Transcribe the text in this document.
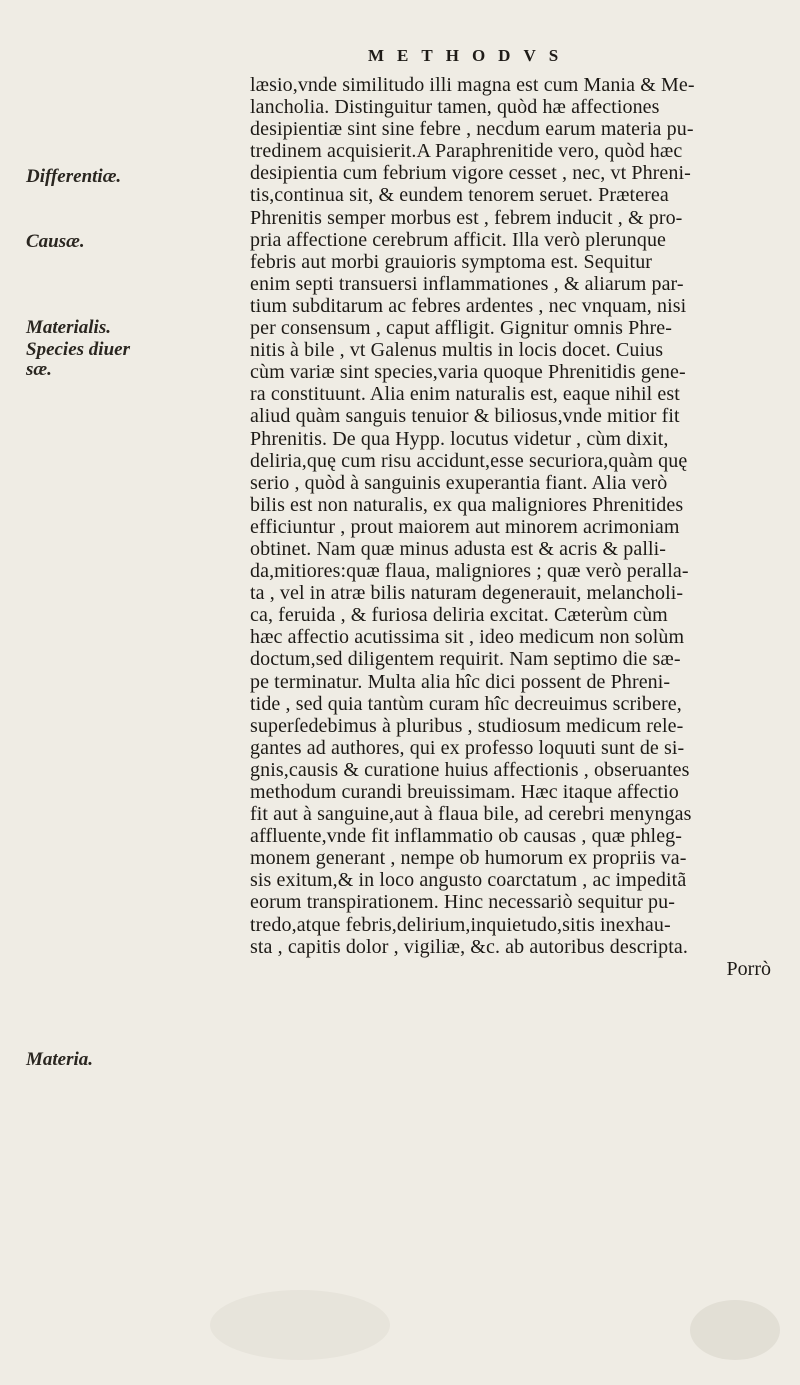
METHODVS
Differentiæ.
Causæ.
Materialis.
Species diuer
sæ.
Materia.
læsio,vnde similitudo illi magna est cum Mania & Me-
lancholia. Distinguitur tamen, quòd hæ affectiones
desipientiæ sint sine febre , necdum earum materia pu-
tredinem acquisierit.A Paraphrenitide vero, quòd hæc
desipientia cum febrium vigore cesset , nec, vt Phreni-
tis,continua sit, & eundem tenorem seruet. Præterea
Phrenitis semper morbus est , febrem inducit , & pro-
pria affectione cerebrum afficit. Illa verò plerunque
febris aut morbi grauioris symptoma est. Sequitur
enim septi transuersi inflammationes , & aliarum par-
tium subditarum ac febres ardentes , nec vnquam, nisi
per consensum , caput affligit. Gignitur omnis Phre-
nitis à bile , vt Galenus multis in locis docet. Cuius
cùm variæ sint species,varia quoque Phrenitidis gene-
ra constituunt. Alia enim naturalis est, eaque nihil est
aliud quàm sanguis tenuior & biliosus,vnde mitior fit
Phrenitis. De qua Hypp. locutus videtur , cùm dixit,
deliria,quę cum risu accidunt,esse securiora,quàm quę
serio , quòd à sanguinis exuperantia fiant. Alia verò
bilis est non naturalis, ex qua maligniores Phrenitides
efficiuntur , prout maiorem aut minorem acrimoniam
obtinet. Nam quæ minus adusta est & acris & palli-
da,mitiores:quæ flaua, maligniores ; quæ verò peralla-
ta , vel in atræ bilis naturam degenerauit, melancholi-
ca, feruida , & furiosa deliria excitat. Cæterùm cùm
hæc affectio acutissima sit , ideo medicum non solùm
doctum,sed diligentem requirit. Nam septimo die sæ-
pe terminatur. Multa alia hîc dici possent de Phreni-
tide , sed quia tantùm curam hîc decreuimus scribere,
superſedebimus à pluribus , studiosum medicum rele-
gantes ad authores, qui ex professo loquuti sunt de si-
gnis,causis & curatione huius affectionis , obseruantes
methodum curandi breuissimam. Hæc itaque affectio
fit aut à sanguine,aut à flaua bile, ad cerebri menyngas
affluente,vnde fit inflammatio ob causas , quæ phleg-
monem generant , nempe ob humorum ex propriis va-
sis exitum,& in loco angusto coarctatum , ac impeditã
eorum transpirationem. Hinc necessariò sequitur pu-
tredo,atque febris,delirium,inquietudo,sitis inexhau-
sta , capitis dolor , vigiliæ, &c. ab autoribus descripta.
Porrò
